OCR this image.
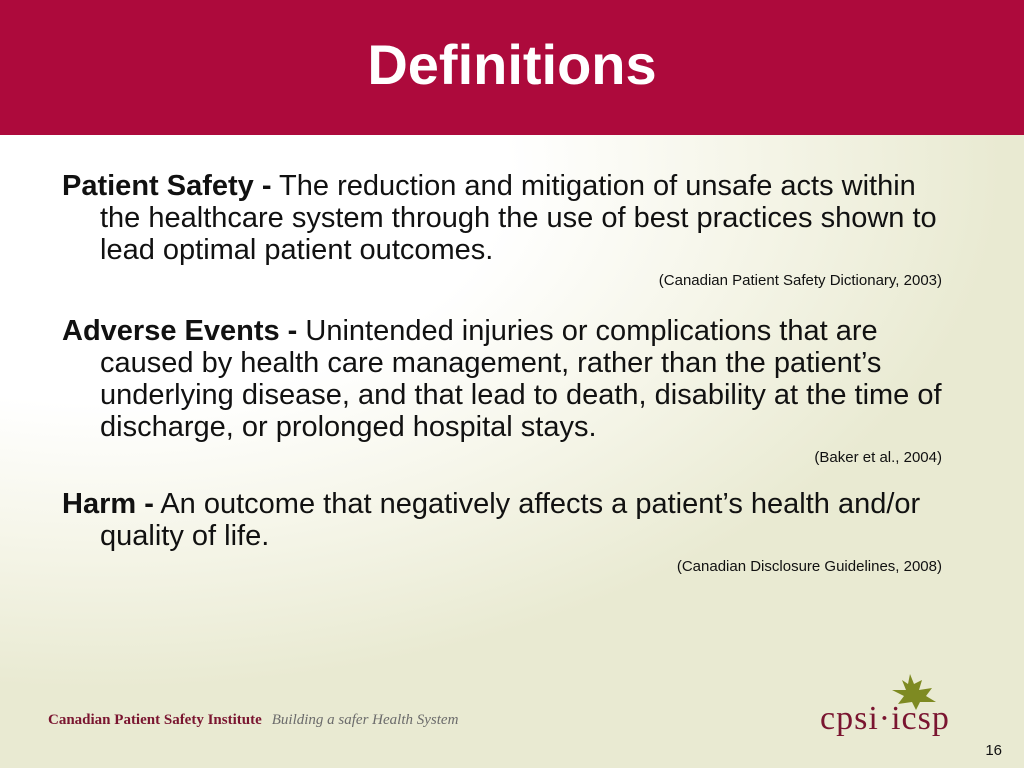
Definitions
Patient Safety - The reduction and mitigation of unsafe acts within the healthcare system through the use of best practices shown to lead optimal patient outcomes.
(Canadian Patient Safety Dictionary, 2003)
Adverse Events - Unintended injuries or complications that are caused by health care management, rather than the patient’s underlying disease, and that lead to death, disability at the time of discharge, or prolonged hospital stays.
(Baker et al., 2004)
Harm - An outcome that negatively affects a patient’s health and/or quality of life.
(Canadian Disclosure Guidelines, 2008)
Canadian Patient Safety Institute Building a safer Health System	cpsi·icsp
16
